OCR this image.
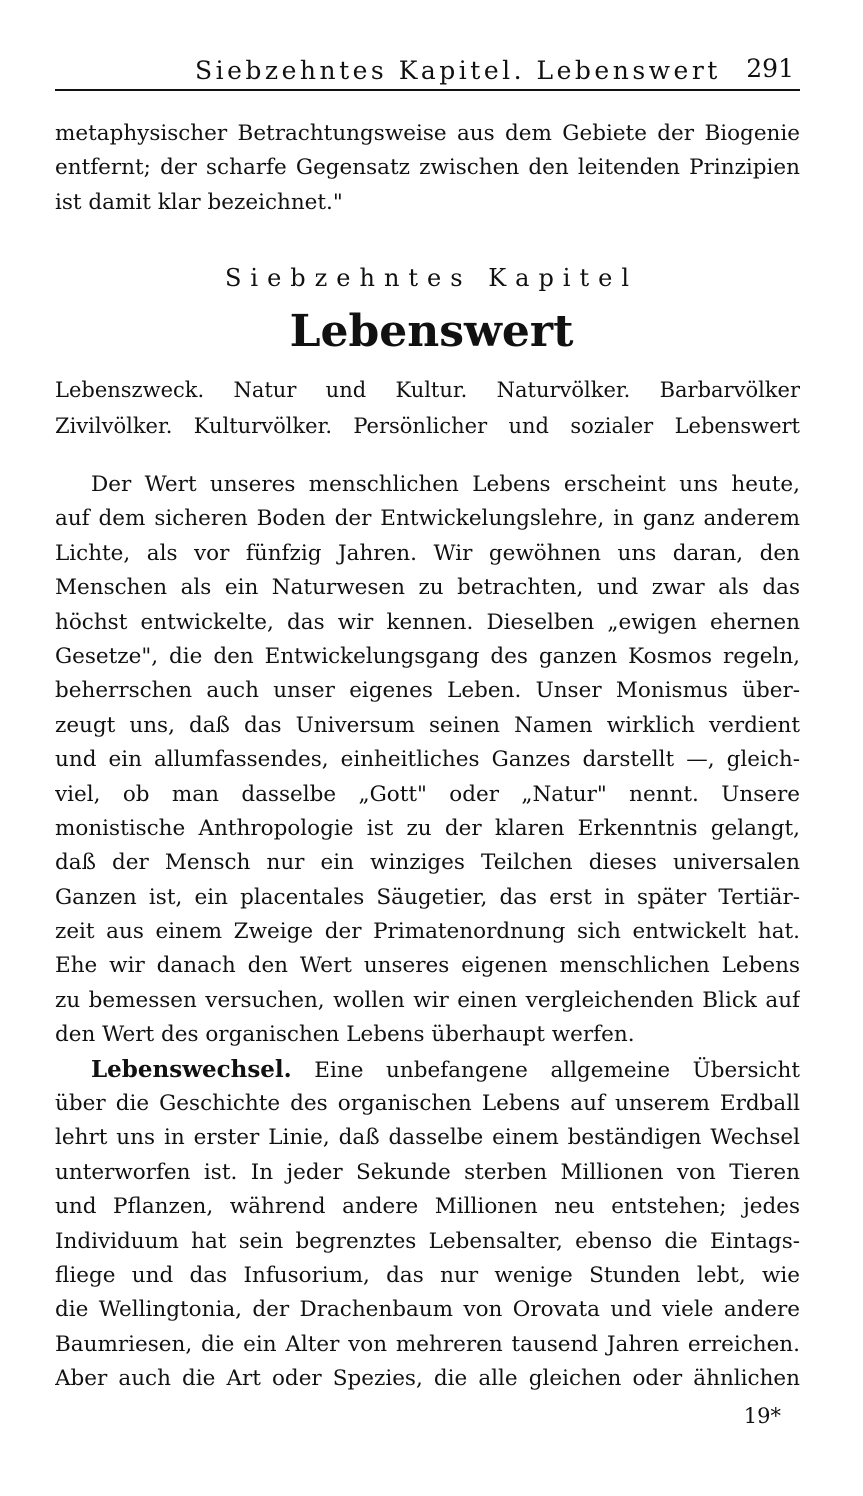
Siebzehntes Kapitel. Lebenswert 291
metaphysischer Betrachtungsweise aus dem Gebiete der Biogenie
entfernt; der scharfe Gegensatz zwischen den leitenden Prinzipien
ist damit klar bezeichnet."
Siebzehntes Kapitel
Lebenswert
Lebenszweck. Natur und Kultur. Naturvölker. Barbarvölker
Zivilvölker. Kulturvölker. Persönlicher und sozialer Lebenswert
Der Wert unseres menschlichen Lebens erscheint uns heute,
auf dem sicheren Boden der Entwickelungslehre, in ganz anderem
Lichte, als vor fünfzig Jahren. Wir gewöhnen uns daran, den
Menschen als ein Naturwesen zu betrachten, und zwar als das
höchst entwickelte, das wir kennen. Dieselben „ewigen ehernen
Gesetze", die den Entwickelungsgang des ganzen Kosmos regeln,
beherrschen auch unser eigenes Leben. Unser Monismus über-
zeugt uns, daß das Universum seinen Namen wirklich verdient
und ein allumfassendes, einheitliches Ganzes darstellt —, gleich-
viel, ob man dasselbe „Gott" oder „Natur" nennt. Unsere
monistische Anthropologie ist zu der klaren Erkenntnis gelangt,
daß der Mensch nur ein winziges Teilchen dieses universalen
Ganzen ist, ein placentales Säugetier, das erst in später Tertiär-
zeit aus einem Zweige der Primatenordnung sich entwickelt hat.
Ehe wir danach den Wert unseres eigenen menschlichen Lebens
zu bemessen versuchen, wollen wir einen vergleichenden Blick auf
den Wert des organischen Lebens überhaupt werfen.
Lebenswechsel. Eine unbefangene allgemeine Übersicht
über die Geschichte des organischen Lebens auf unserem Erdball
lehrt uns in erster Linie, daß dasselbe einem beständigen Wechsel
unterworfen ist. In jeder Sekunde sterben Millionen von Tieren
und Pflanzen, während andere Millionen neu entstehen; jedes
Individuum hat sein begrenztes Lebensalter, ebenso die Eintags-
fliege und das Infusorium, das nur wenige Stunden lebt, wie
die Wellingtonia, der Drachenbaum von Orovata und viele andere
Baumriesen, die ein Alter von mehreren tausend Jahren erreichen.
Aber auch die Art oder Spezies, die alle gleichen oder ähnlichen
19*
